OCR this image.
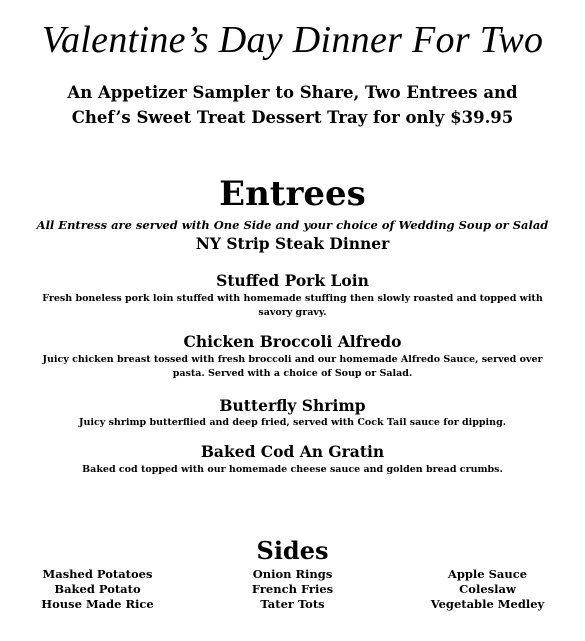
Valentine’s Day Dinner For Two
An Appetizer Sampler to Share, Two Entrees and
Chef’s Sweet Treat Dessert Tray for only $39.95
Entrees
All Entress are served with One Side and your choice of Wedding Soup or Salad
NY Strip Steak Dinner
Stuffed Pork Loin
Fresh boneless pork loin stuffed with homemade stuffing then slowly roasted and topped with savory gravy.
Chicken Broccoli Alfredo
Juicy chicken breast tossed with fresh broccoli and our homemade Alfredo Sauce, served over pasta. Served with a choice of Soup or Salad.
Butterfly Shrimp
Juicy shrimp butterflied and deep fried, served with Cock Tail sauce for dipping.
Baked Cod An Gratin
Baked cod topped with our homemade cheese sauce and golden bread crumbs.
Sides
Mashed Potatoes
Baked Potato
House Made Rice
Onion Rings
French Fries
Tater Tots
Apple Sauce
Coleslaw
Vegetable Medley
